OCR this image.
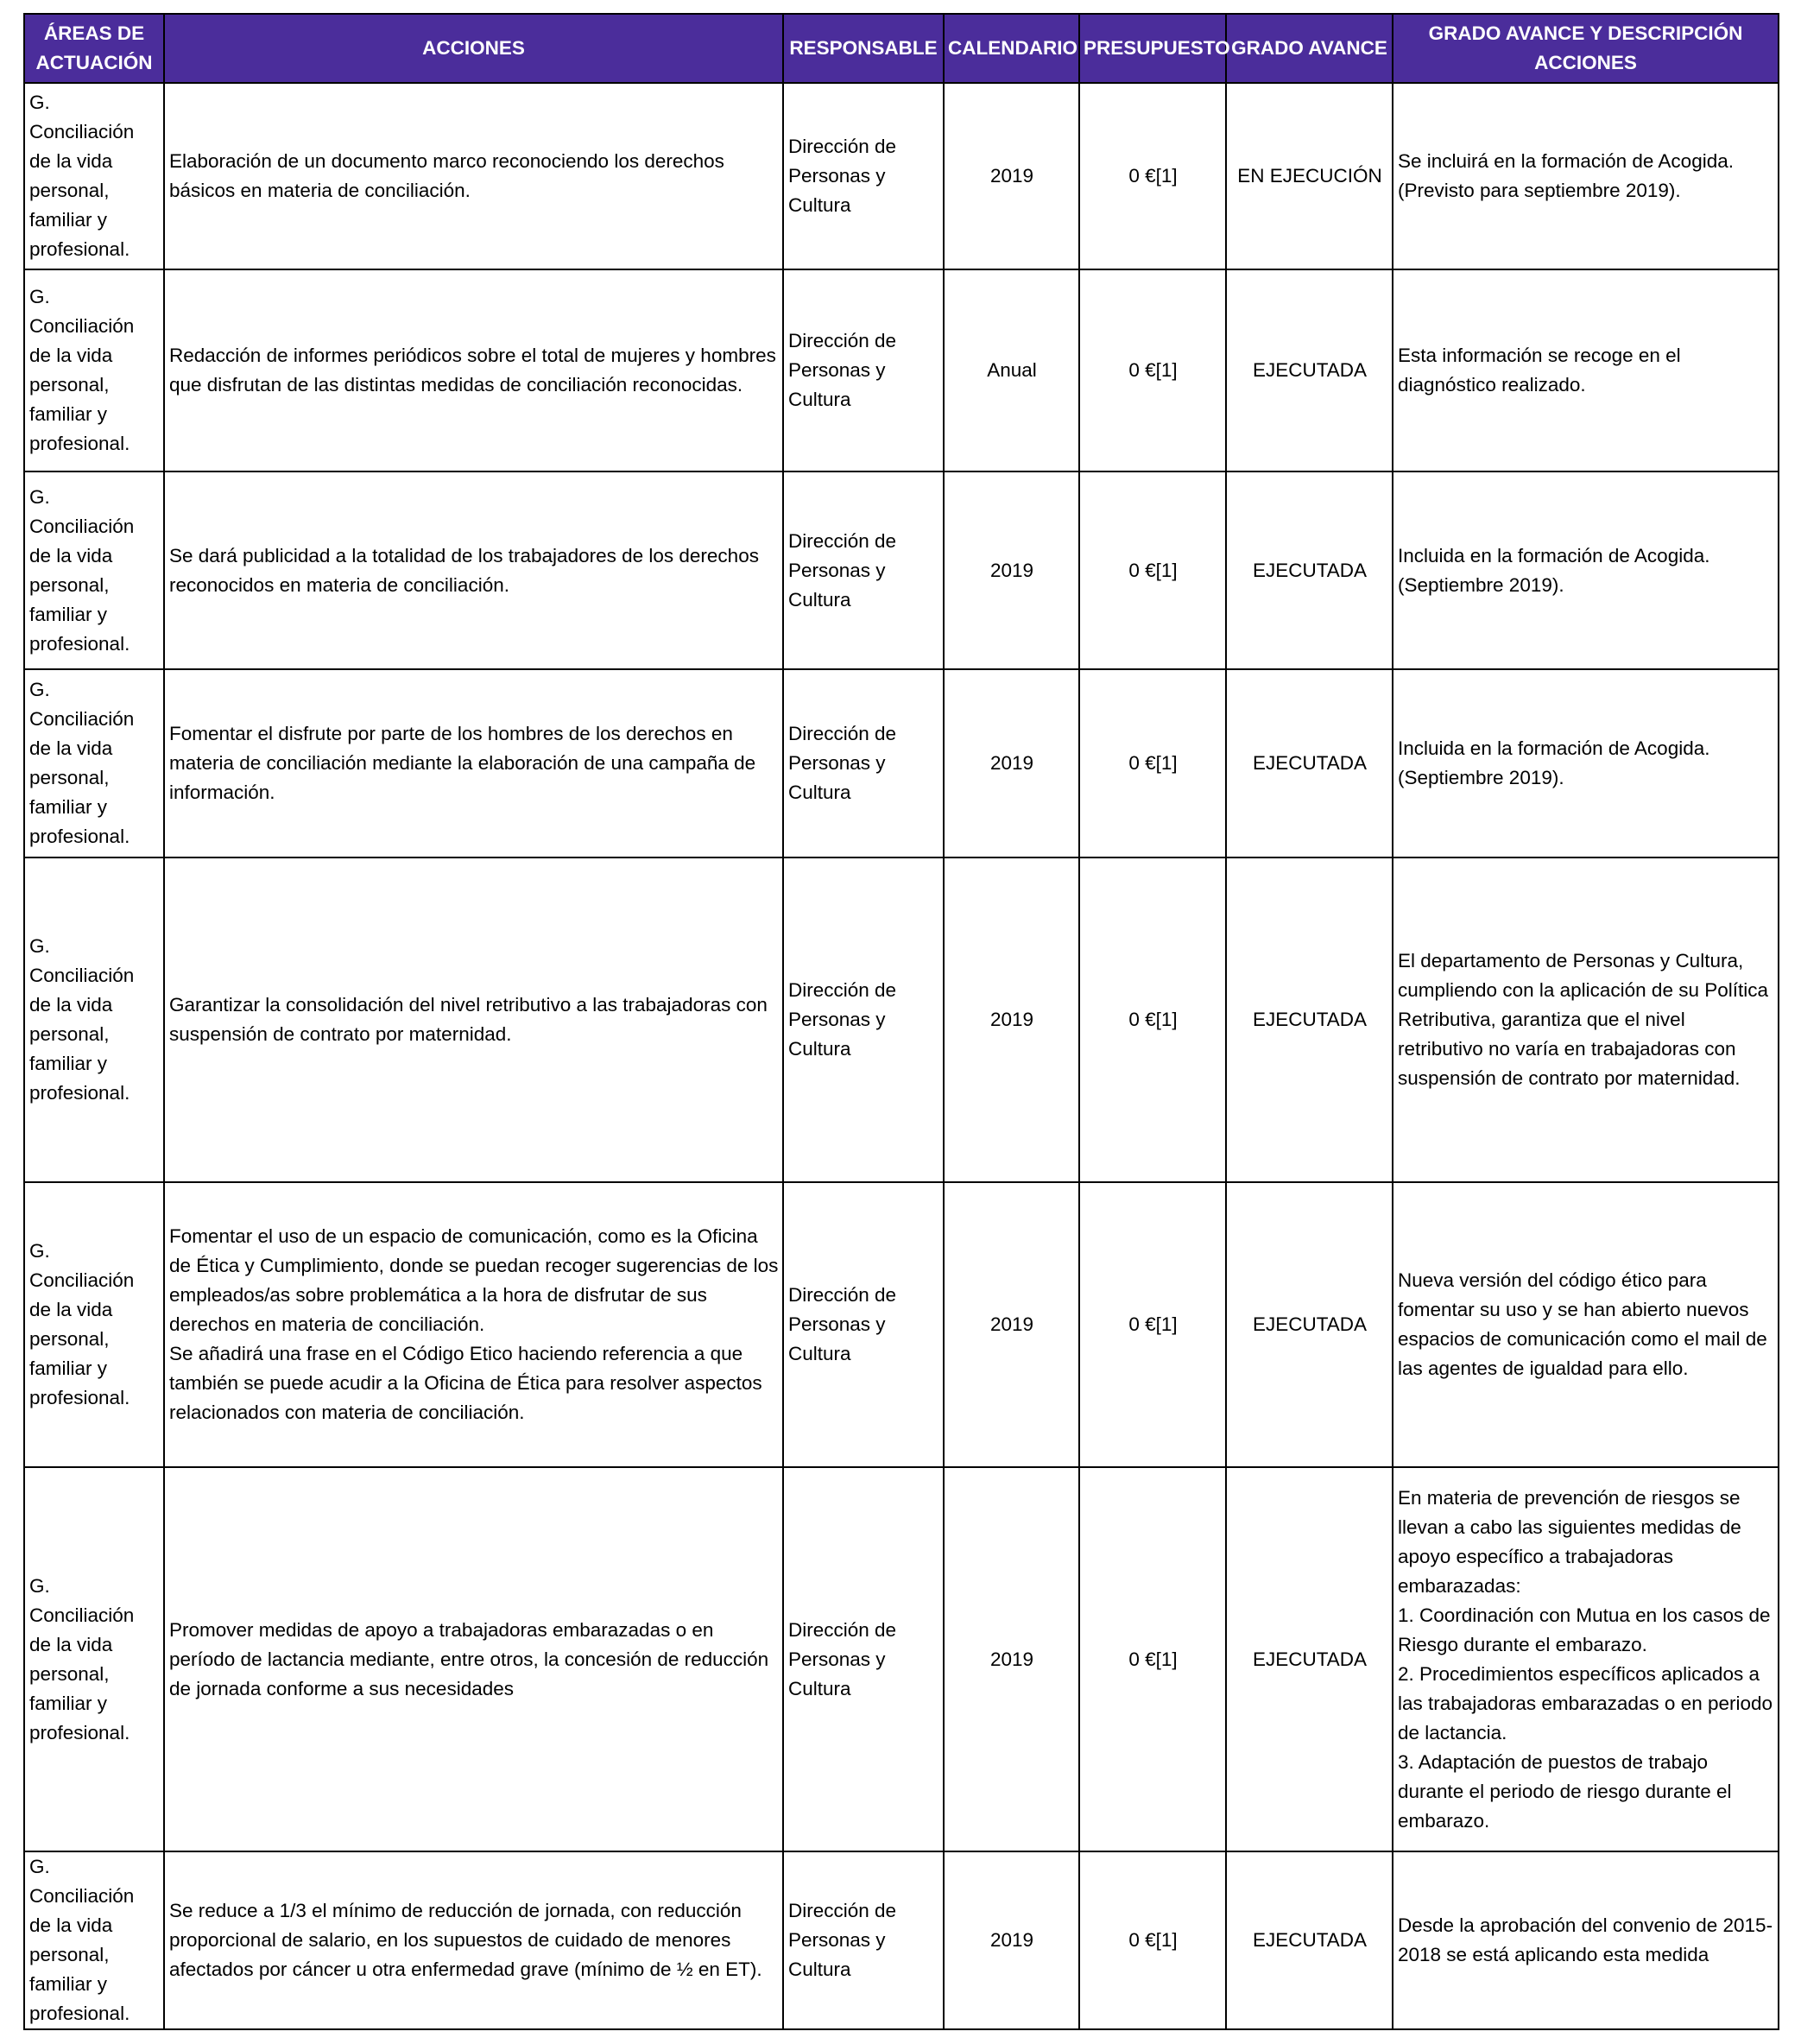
ÁREAS DE ACTUACIÓN	ACCIONES	RESPONSABLE	CALENDARIO	PRESUPUESTO	GRADO AVANCE	GRADO AVANCE Y DESCRIPCIÓN ACCIONES
G.
Conciliación de la vida personal, familiar y profesional.	Elaboración de un documento marco reconociendo los derechos básicos en materia de conciliación.	Dirección de Personas y Cultura	2019	0 €[1]	EN EJECUCIÓN	Se incluirá en la formación de Acogida. (Previsto para septiembre 2019).
G.
Conciliación de la vida personal, familiar y profesional.	Redacción de informes periódicos sobre el total de mujeres y hombres que disfrutan de las distintas medidas de conciliación reconocidas.	Dirección de Personas y Cultura	Anual	0 €[1]	EJECUTADA	Esta información se recoge en el diagnóstico realizado.
G.
Conciliación de la vida personal, familiar y profesional.	Se dará publicidad a la totalidad de los trabajadores de los derechos reconocidos en materia de conciliación.	Dirección de Personas y Cultura	2019	0 €[1]	EJECUTADA	Incluida en la formación de Acogida. (Septiembre 2019).
G.
Conciliación de la vida personal, familiar y profesional.	Fomentar el disfrute por parte de los hombres de los derechos en materia de conciliación mediante la elaboración de una campaña de información.	Dirección de Personas y Cultura	2019	0 €[1]	EJECUTADA	Incluida en la formación de Acogida. (Septiembre 2019).
G.
Conciliación de la vida personal, familiar y profesional.	Garantizar la consolidación del nivel retributivo a las trabajadoras con suspensión de contrato por maternidad.	Dirección de Personas y Cultura	2019	0 €[1]	EJECUTADA	El departamento de Personas y Cultura, cumpliendo con la aplicación de su Política Retributiva, garantiza que el nivel retributivo no varía en trabajadoras con suspensión de contrato por maternidad.
G.
Conciliación de la vida personal, familiar y profesional.	Fomentar el uso de un espacio de comunicación, como es la Oficina de Ética y Cumplimiento, donde se puedan recoger sugerencias de los empleados/as sobre problemática a la hora de disfrutar de sus derechos en materia de conciliación.
Se añadirá una frase en el Código Etico haciendo referencia a que también se puede acudir a la Oficina de Ética para resolver aspectos relacionados con materia de conciliación.	Dirección de Personas y Cultura	2019	0 €[1]	EJECUTADA	Nueva versión del código ético para fomentar su uso y se han abierto nuevos espacios de comunicación como el mail de las agentes de igualdad para ello.
G.
Conciliación de la vida personal, familiar y profesional.	Promover medidas de apoyo a trabajadoras embarazadas o en período de lactancia mediante, entre otros, la concesión de reducción de jornada conforme a sus necesidades	Dirección de Personas y Cultura	2019	0 €[1]	EJECUTADA	En materia de prevención de riesgos se llevan a cabo las siguientes medidas de apoyo específico a trabajadoras embarazadas:
1. Coordinación con Mutua en los casos de Riesgo durante el embarazo.
2. Procedimientos específicos aplicados a las trabajadoras embarazadas o en periodo de lactancia.
3. Adaptación de puestos de trabajo durante el periodo de riesgo durante el embarazo.
G.
Conciliación de la vida personal, familiar y profesional.	Se reduce a 1/3 el mínimo de reducción de jornada, con reducción proporcional de salario, en los supuestos de cuidado de menores afectados por cáncer u otra enfermedad grave (mínimo de ½ en ET).	Dirección de Personas y Cultura	2019	0 €[1]	EJECUTADA	Desde la aprobación del convenio de 2015-2018 se está aplicando esta medida
